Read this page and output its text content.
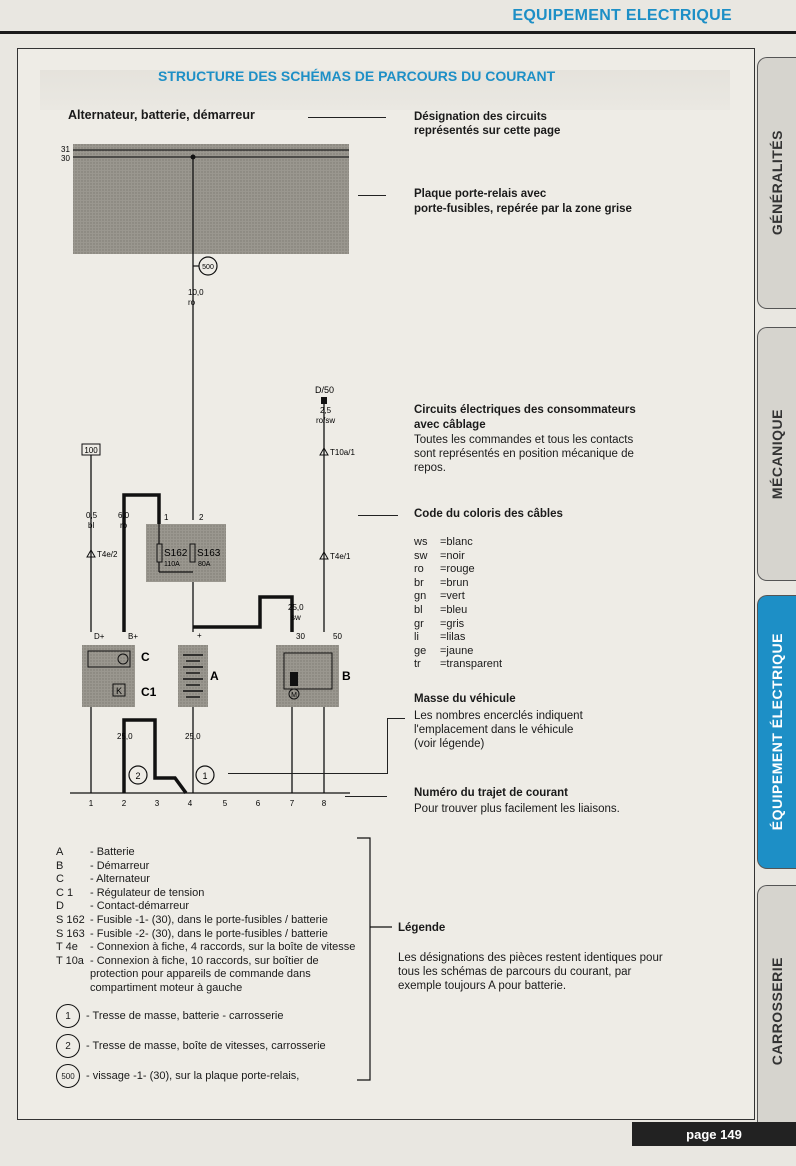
EQUIPEMENT ELECTRIQUE
STRUCTURE DES SCHÉMAS DE PARCOURS DU COURANT
Alternateur, batterie, démarreur
31
30
500
10,0
ro
1	2
S162
110A
S163
80A
6,0
ro
25,0
sw
100
0,5
bl
T4e/2
D/50
2,5
ro/sw
T10a/1
T4e/1
D+	B+	+	30	50
K
C
C1
A
M
B
25,0	25,0
2	1
1	2	3	4	5	6	7	8
Désignation des circuits
représentés sur cette page
Plaque porte-relais avec
porte-fusibles, repérée par la zone grise
Circuits électriques des consommateurs
avec câblage
Toutes les commandes et tous les contacts
sont représentés en position mécanique de
repos.
Code du coloris des câbles
ws	=blanc
sw	=noir
ro	=rouge
br	=brun
gn	=vert
bl	=bleu
gr	=gris
li	=lilas
ge	=jaune
tr	=transparent
Masse du véhicule
Les nombres encerclés indiquent
l'emplacement dans le véhicule
(voir légende)
Numéro du trajet de courant
Pour trouver plus facilement les liaisons.
Légende
Les désignations des pièces restent identiques pour
tous les schémas de parcours du courant, par
exemple toujours A pour batterie.
A	- Batterie
B	- Démarreur
C	- Alternateur
C 1	- Régulateur de tension
D	- Contact-démarreur
S 162 - Fusible -1- (30), dans le porte-fusibles / batterie
S 163 - Fusible -2- (30), dans le porte-fusibles / batterie
T 4e	- Connexion à fiche, 4 raccords, sur la boîte de vitesse
T 10a - Connexion à fiche, 10 raccords, sur boîtier de protection pour appareils de commande dans compartiment moteur à gauche
1	- Tresse de masse, batterie - carrosserie
2	- Tresse de masse, boîte de vitesses, carrosserie
500	- vissage -1- (30), sur la plaque porte-relais,
GÉNÉRALITÉS
MÉCANIQUE
ÉQUIPEMENT ÉLECTRIQUE
CARROSSERIE
page 149
